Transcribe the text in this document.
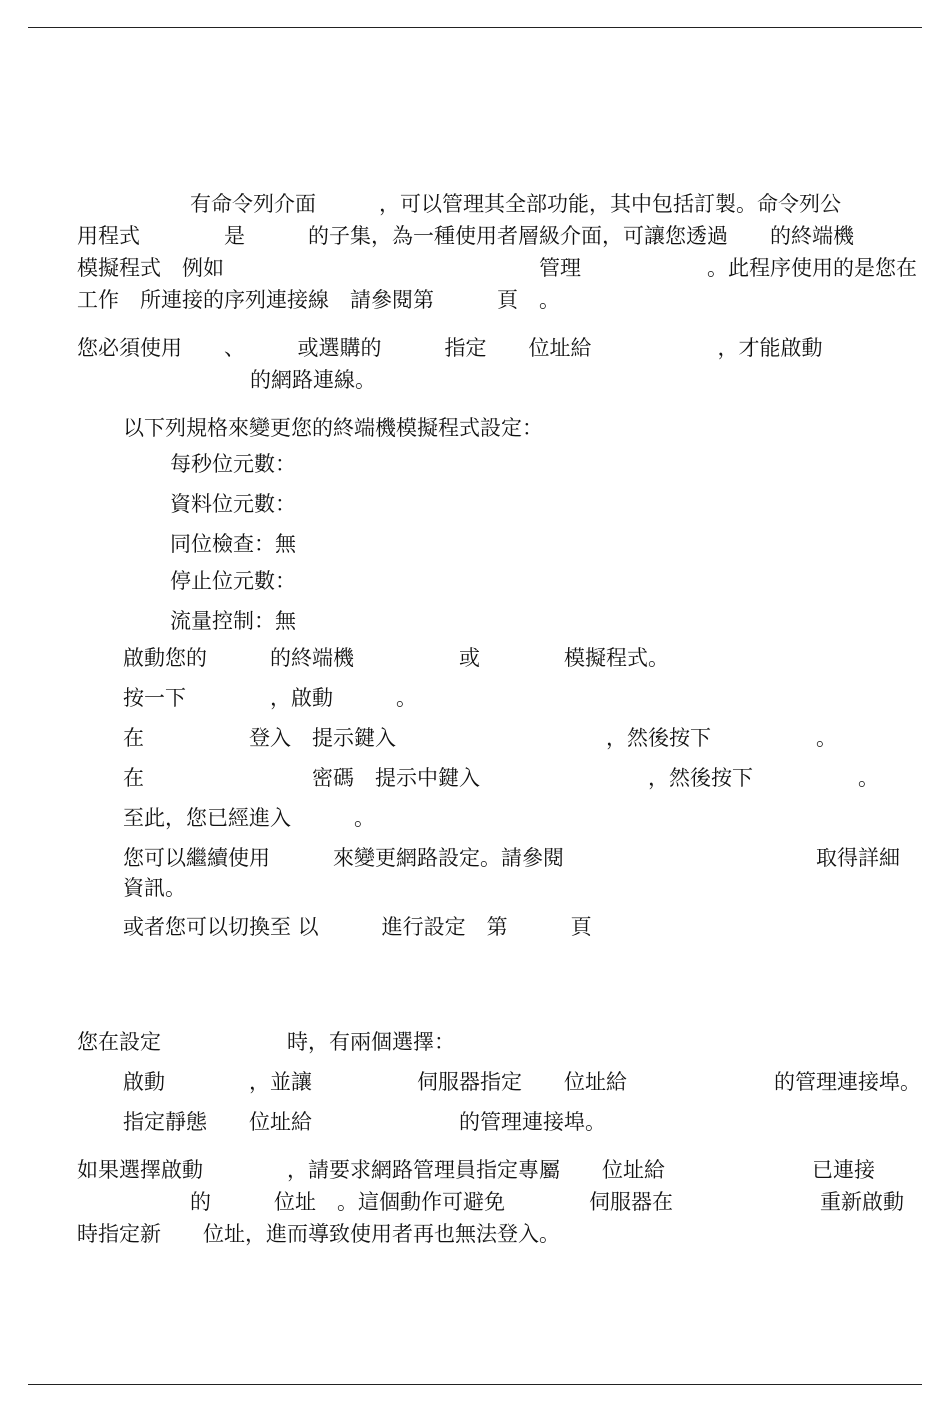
有命令列介面　　　，可以管理其全部功能，其中包括訂製。命令列公
用程式　　　　是　　　的子集，為一種使用者層級介面，可讓您透過　　的終端機
模擬程式　例如　　　　　　　　　　　　　　　管理　　　　　　。此程序使用的是您在
工作　所連接的序列連接線　請參閱第　　　頁　。
您必須使用　　、　　　或選購的　　　指定　　位址給　　　　　　，才能啟動
的網路連線。
以下列規格來變更您的終端機模擬程式設定：
每秒位元數：
資料位元數：
同位檢查：無
停止位元數：
流量控制：無
啟動您的　　　的終端機　　　　　或　　　　模擬程式。
按一下　　　　，啟動　　　。
在　　　　　登入　提示鍵入　　　　　　　　　　，然後按下　　　　　。
在　　　　　　　　密碼　提示中鍵入　　　　　　　　，然後按下　　　　　。
至此，您已經進入　　　。
您可以繼續使用　　　來變更網路設定。請參閱	取得詳細
資訊。
或者您可以切換至 以　　　進行設定　第　　　頁
您在設定　　　　　　時，有兩個選擇：
啟動　　　　，並讓　　　　　伺服器指定　　位址給　　　　　　　的管理連接埠。
指定靜態　　位址給　　　　　　　的管理連接埠。
如果選擇啟動　　　　，請要求網路管理員指定專屬　　位址給　　　　　　　已連接
的　　　位址　。這個動作可避免　　　　伺服器在　　　　　　　重新啟動
時指定新　　位址，進而導致使用者再也無法登入。
